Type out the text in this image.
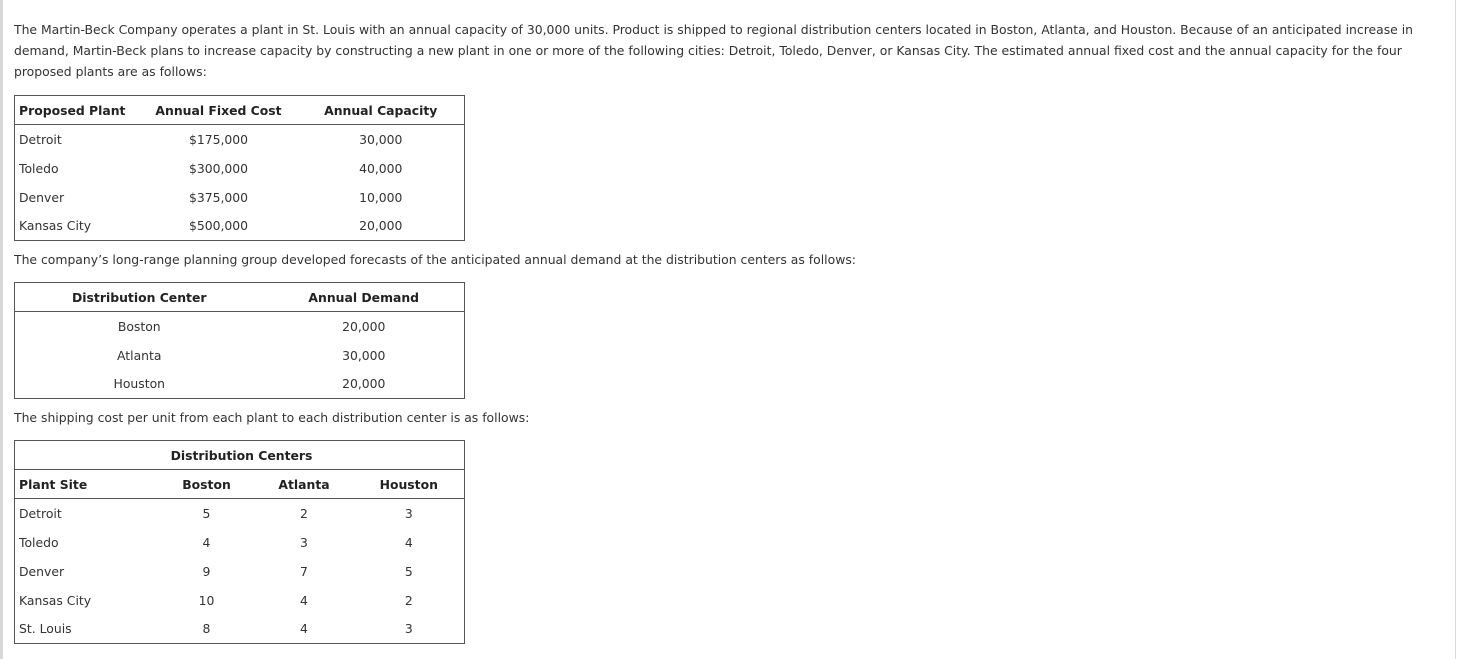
The Martin-Beck Company operates a plant in St. Louis with an annual capacity of 30,000 units. Product is shipped to regional distribution centers located in Boston, Atlanta, and Houston. Because of an anticipated increase in demand, Martin-Beck plans to increase capacity by constructing a new plant in one or more of the following cities: Detroit, Toledo, Denver, or Kansas City. The estimated annual fixed cost and the annual capacity for the four proposed plants are as follows:

Proposed Plant	Annual Fixed Cost	Annual Capacity
Detroit	$175,000	30,000
Toledo	$300,000	40,000
Denver	$375,000	10,000
Kansas City	$500,000	20,000

The company’s long-range planning group developed forecasts of the anticipated annual demand at the distribution centers as follows:

Distribution Center	Annual Demand
Boston	20,000
Atlanta	30,000
Houston	20,000

The shipping cost per unit from each plant to each distribution center is as follows:

Distribution Centers			
Plant Site	Boston	Atlanta	Houston
Detroit	5	2	3
Toledo	4	3	4
Denver	9	7	5
Kansas City	10	4	2
St. Louis	8	4	3
